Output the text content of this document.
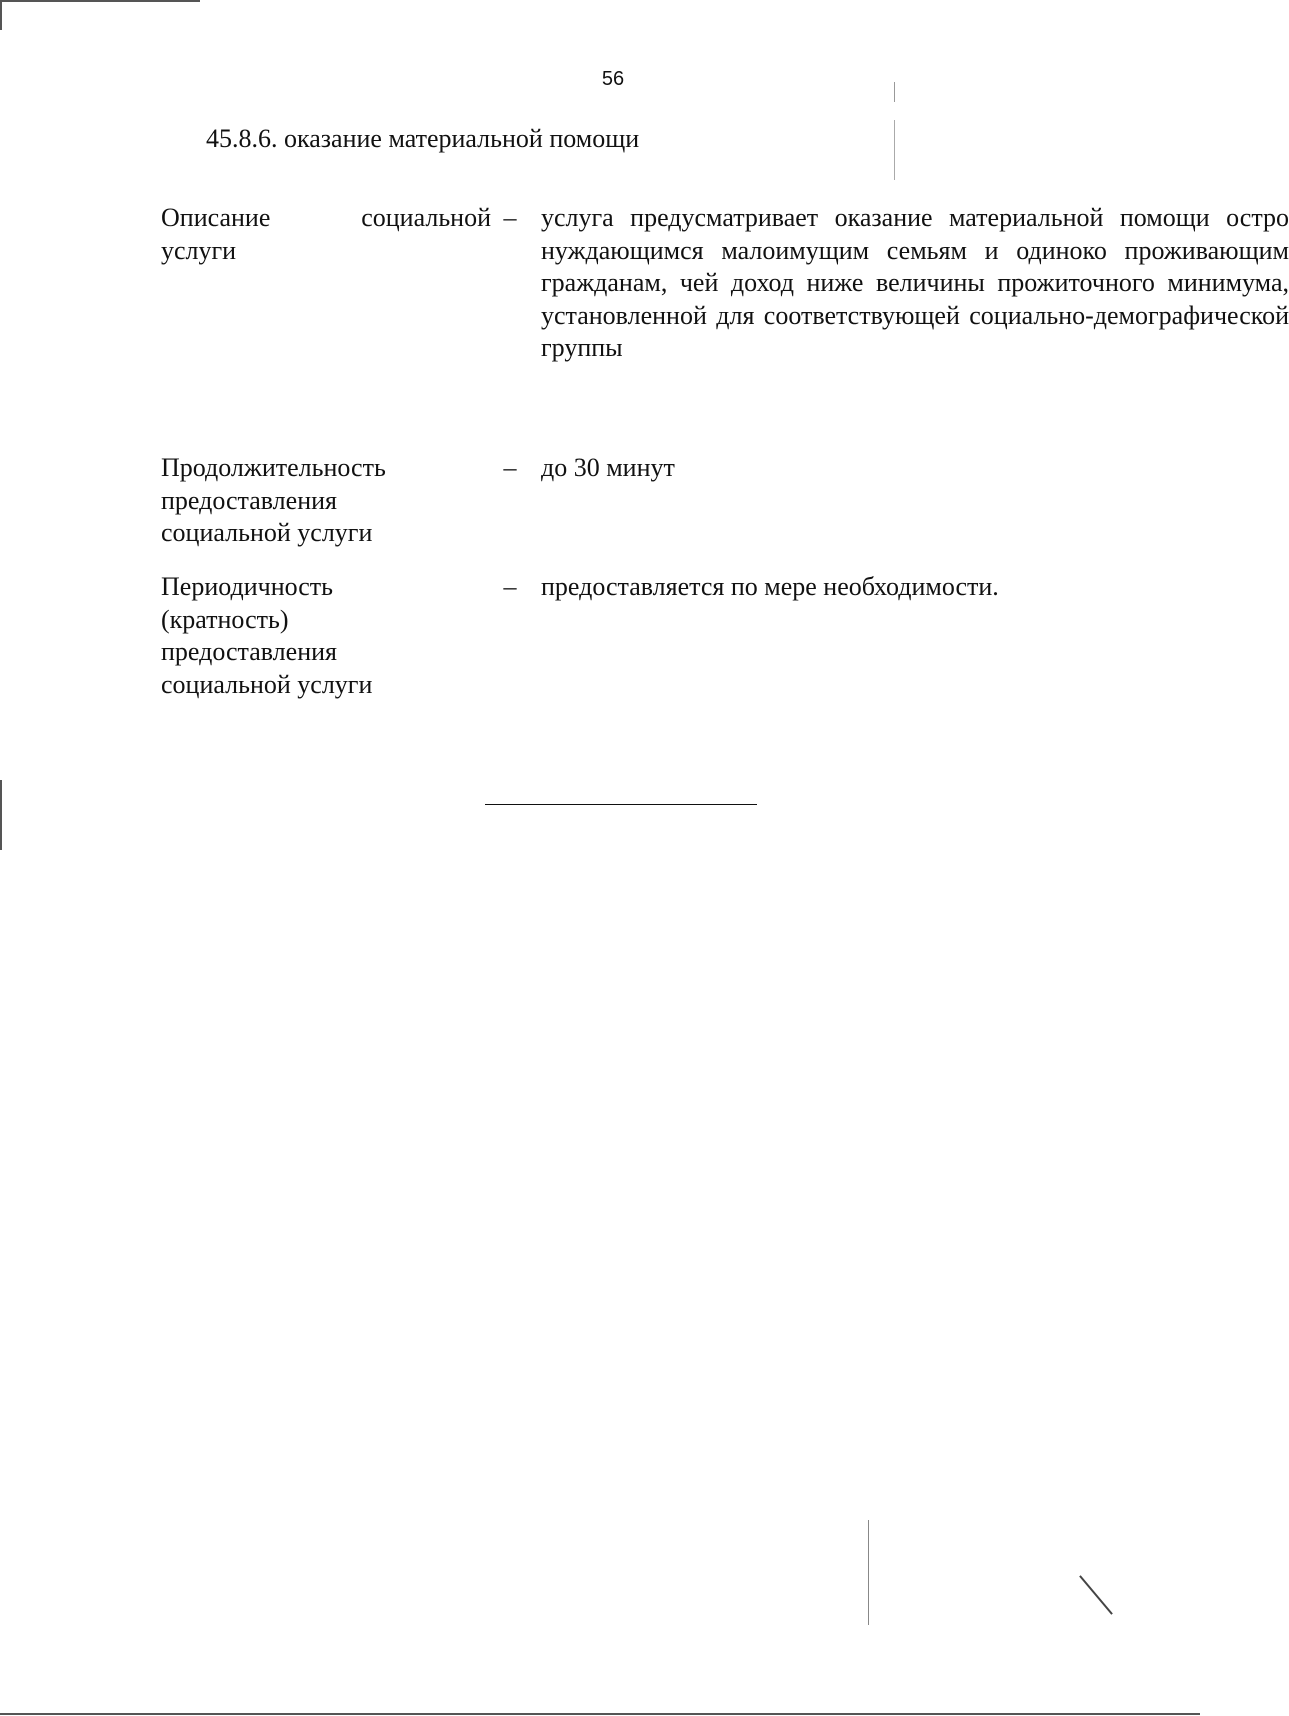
56
45.8.6. оказание материальной помощи
Описание	социальной
услуги
– услуга предусматривает оказание материальной помощи остро нуждающимся малоимущим семьям и одиноко проживающим гражданам, чей доход ниже величины прожиточного минимума, установленной для соответствующей социально-демографической группы
Продолжительность
предоставления
социальной услуги
– до 30 минут
Периодичность
(кратность)
предоставления
социальной услуги
– предоставляется по мере необходимости.
